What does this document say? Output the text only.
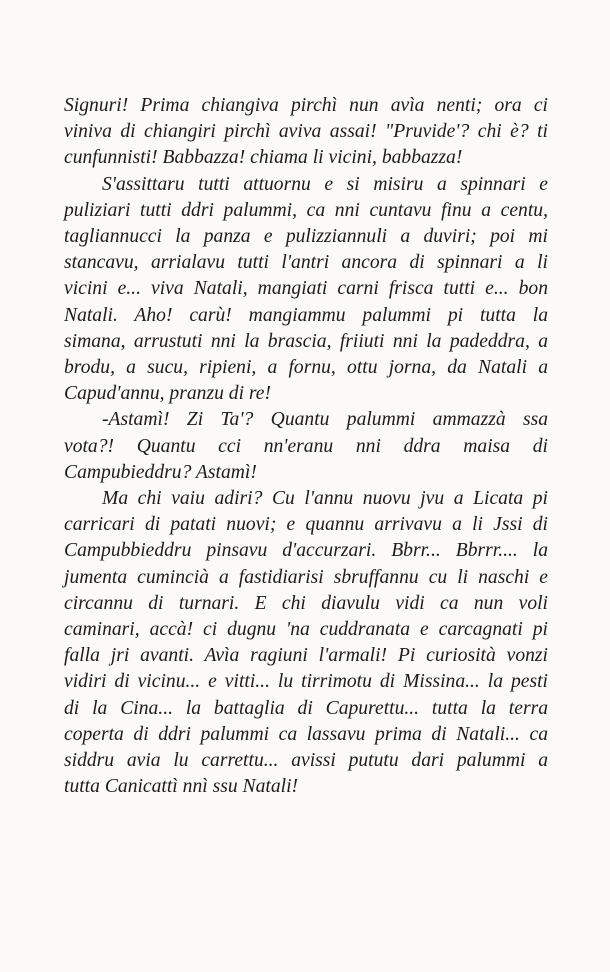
Signuri! Prima chiangiva pirchì nun avìa nenti; ora ci
viniva di chiangiri pirchì aviva assai! "Pruvide'? chi è? ti
cunfunnisti! Babbazza! chiama li vicini, babbazza!

S'assittaru tutti attuornu e si misiru a spinnari e
puliziari tutti ddri palummi, ca nni cuntavu finu a centu,
tagliannucci la panza e pulizziannuli a duviri; poi mi
stancavu, arrialavu tutti l'antri ancora di spinnari a li
vicini e... viva Natali, mangiati carni frisca tutti e... bon
Natali. Aho! carù! mangiammu palummi pi tutta la
simana, arrustuti nni la brascia, friiuti nni la padeddra, a
brodu, a sucu, ripieni, a fornu, ottu jorna, da Natali a
Capud'annu, pranzu di re!

-Astamì! Zi Ta'? Quantu palummi ammazzà ssa
vota?! Quantu cci nn'eranu nni ddra maisa di
Campubieddru? Astamì!

Ma chi vaiu adiri? Cu l'annu nuovu jvu a Licata pi
carricari di patati nuovi; e quannu arrivavu a li Jssi di
Campubbieddru pinsavu d'accurzari. Bbrr... Bbrrr.... la
jumenta cumincià a fastidiarisi sbruffannu cu li naschi e
circannu di turnari. E chi diavulu vidi ca nun voli
caminari, accà! ci dugnu 'na cuddranata e carcagnati pi
falla jri avanti. Avìa ragiuni l'armali! Pi curiosità vonzi
vidiri di vicinu... e vitti... lu tirrimotu di Missina... la pesti
di la Cina... la battaglia di Capurettu... tutta la terra
coperta di ddri palummi ca lassavu prima di Natali... ca
siddru avia lu carrettu... avissi pututu dari palummi a
tutta Canicattì nnì ssu Natali!
